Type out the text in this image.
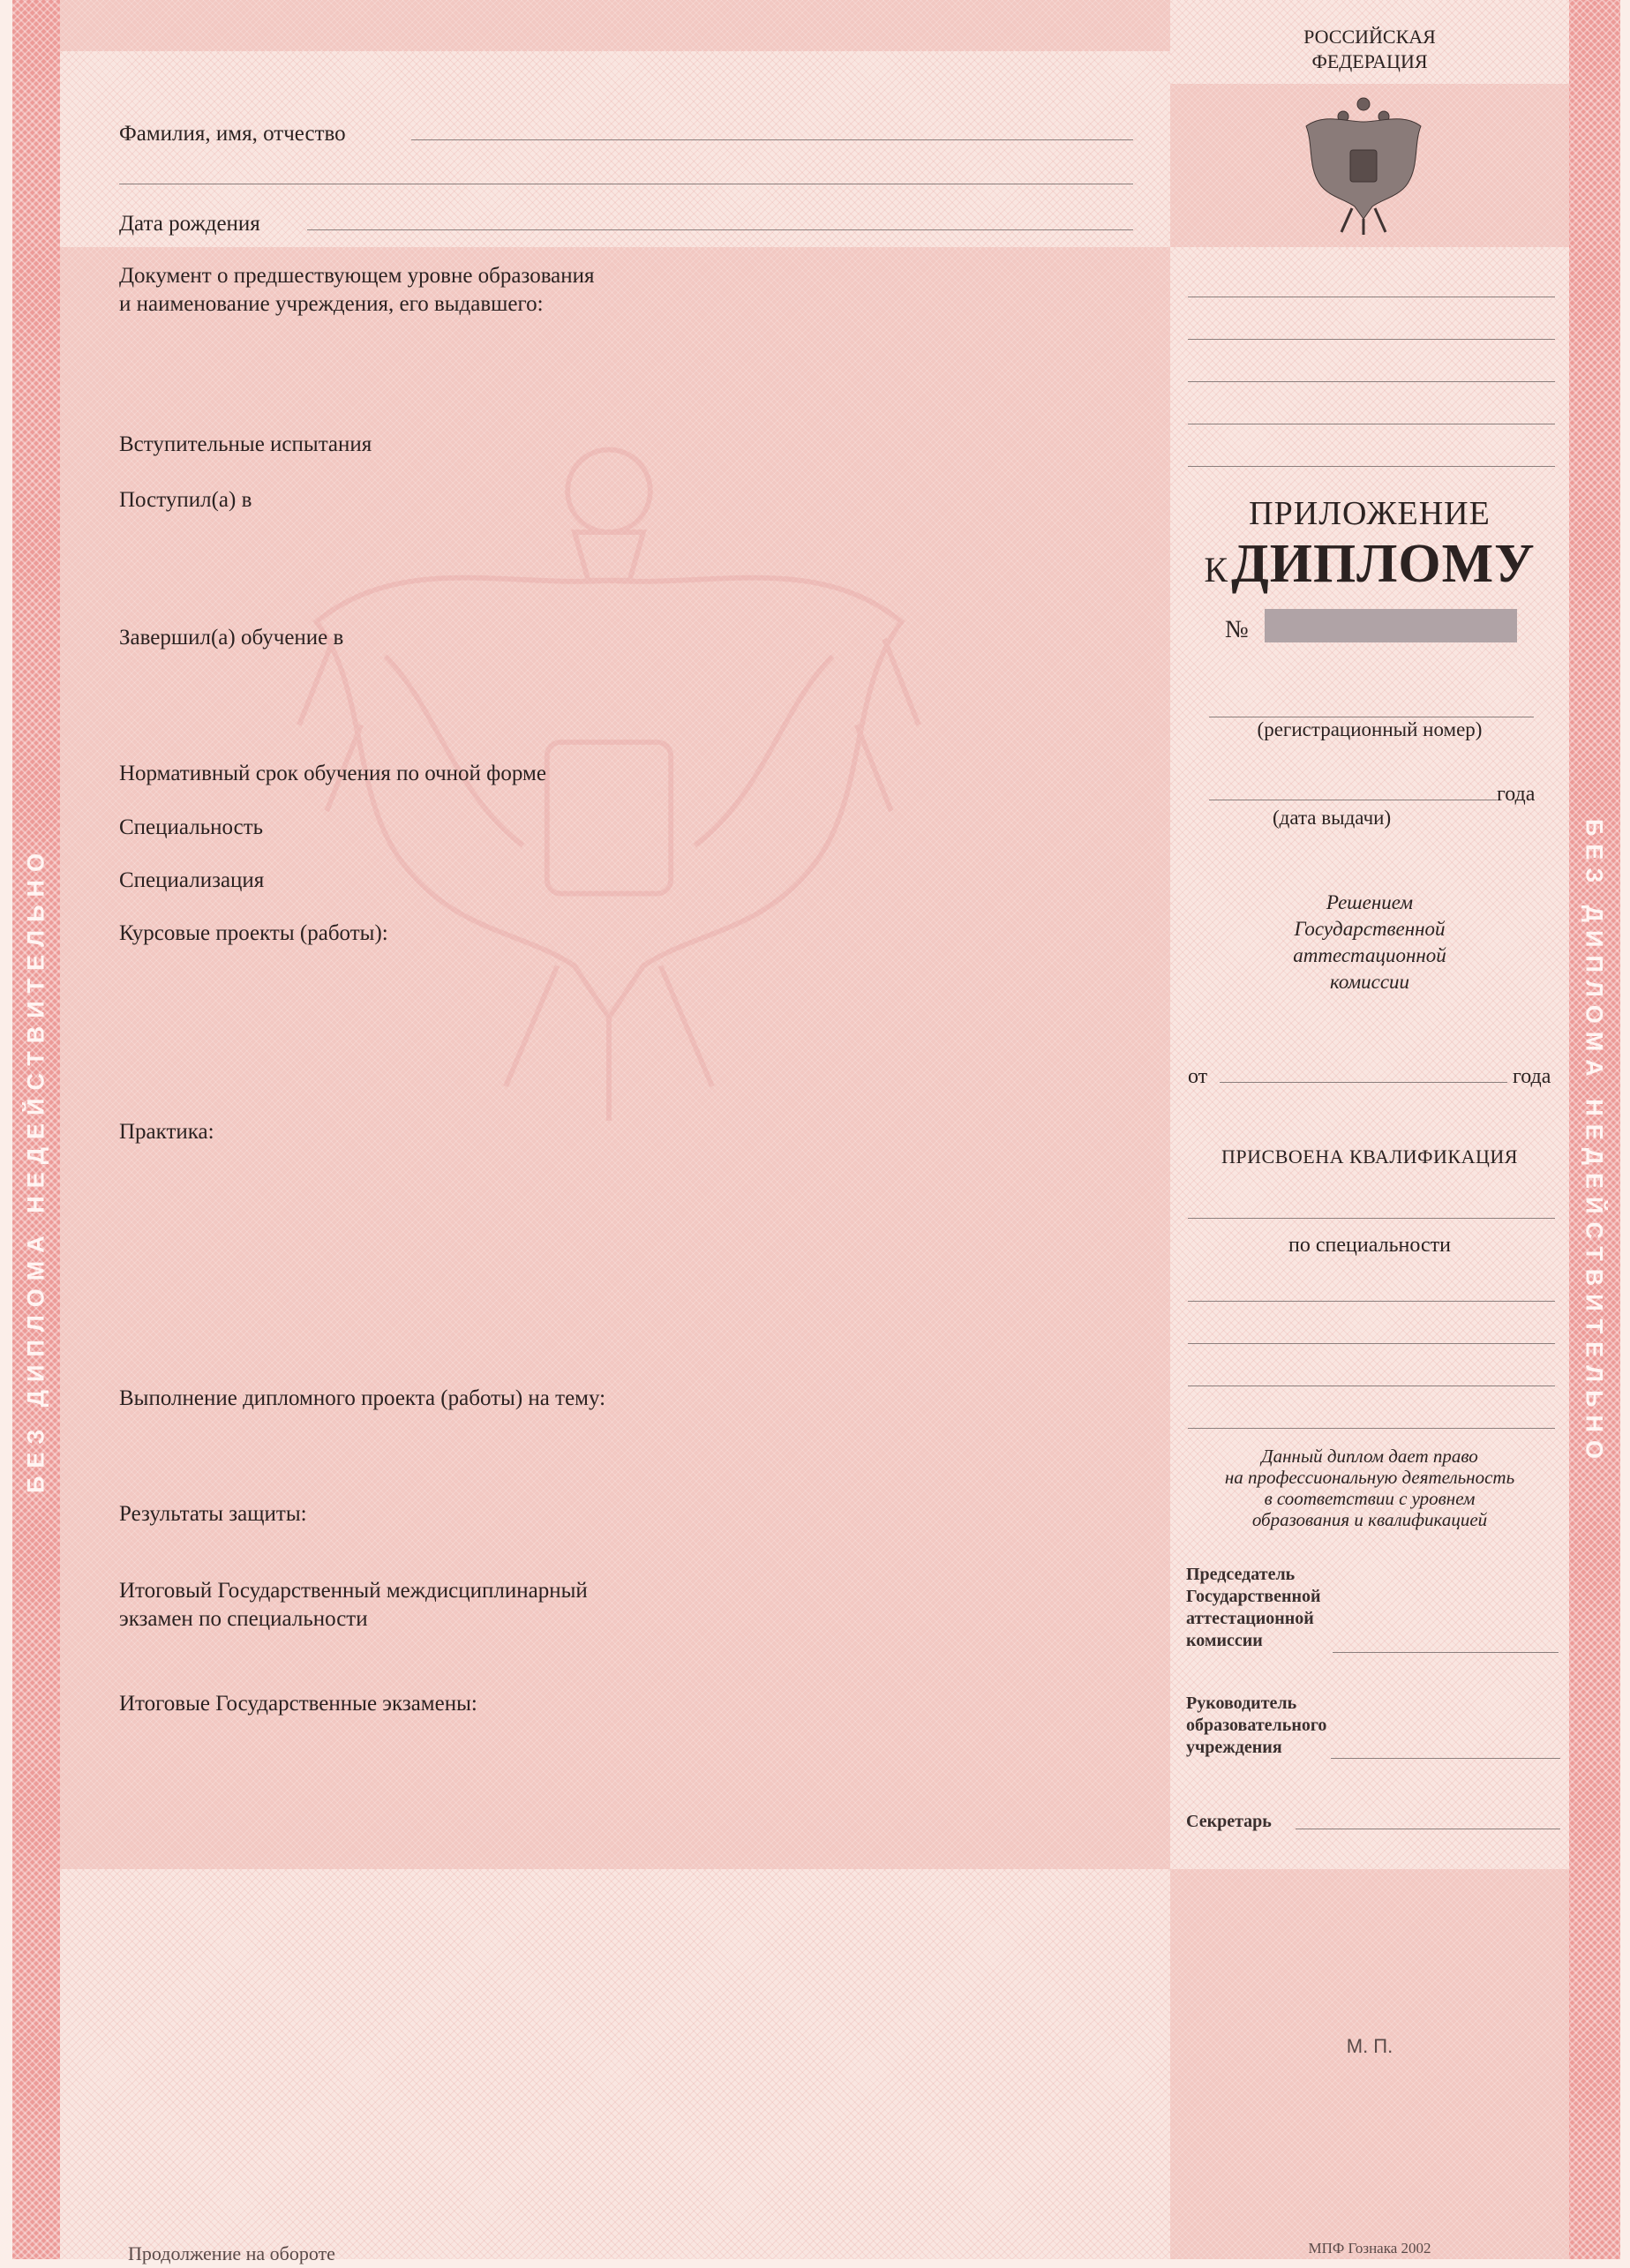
БЕЗ ДИПЛОМА НЕДЕЙСТВИТЕЛЬНО	БЕЗ ДИПЛОМА НЕДЕЙСТВИТЕЛЬНО
Фамилия, имя, отчество
Дата рождения
Документ о предшествующем уровне образования
и наименование учреждения, его выдавшего:
Вступительные испытания
Поступил(а) в
Завершил(а) обучение в
Нормативный срок обучения по очной форме
Специальность
Специализация
Курсовые проекты (работы):
Практика:
Выполнение дипломного проекта (работы) на тему:
Результаты защиты:
Итоговый Государственный междисциплинарный
экзамен по специальности
Итоговые Государственные экзамены:
Продолжение на обороте
РОССИЙСКАЯ
ФЕДЕРАЦИЯ
ПРИЛОЖЕНИЕ
К ДИПЛОМУ
№
(регистрационный номер)
года
(дата выдачи)
Решением
Государственной
аттестационной
комиссии
от	года
ПРИСВОЕНА КВАЛИФИКАЦИЯ
по специальности
Данный диплом дает право
на профессиональную деятельность
в соответствии с уровнем
образования и квалификацией
Председатель
Государственной
аттестационной
комиссии
Руководитель
образовательного
учреждения
Секретарь
М. П.
МПФ Гознака 2002
